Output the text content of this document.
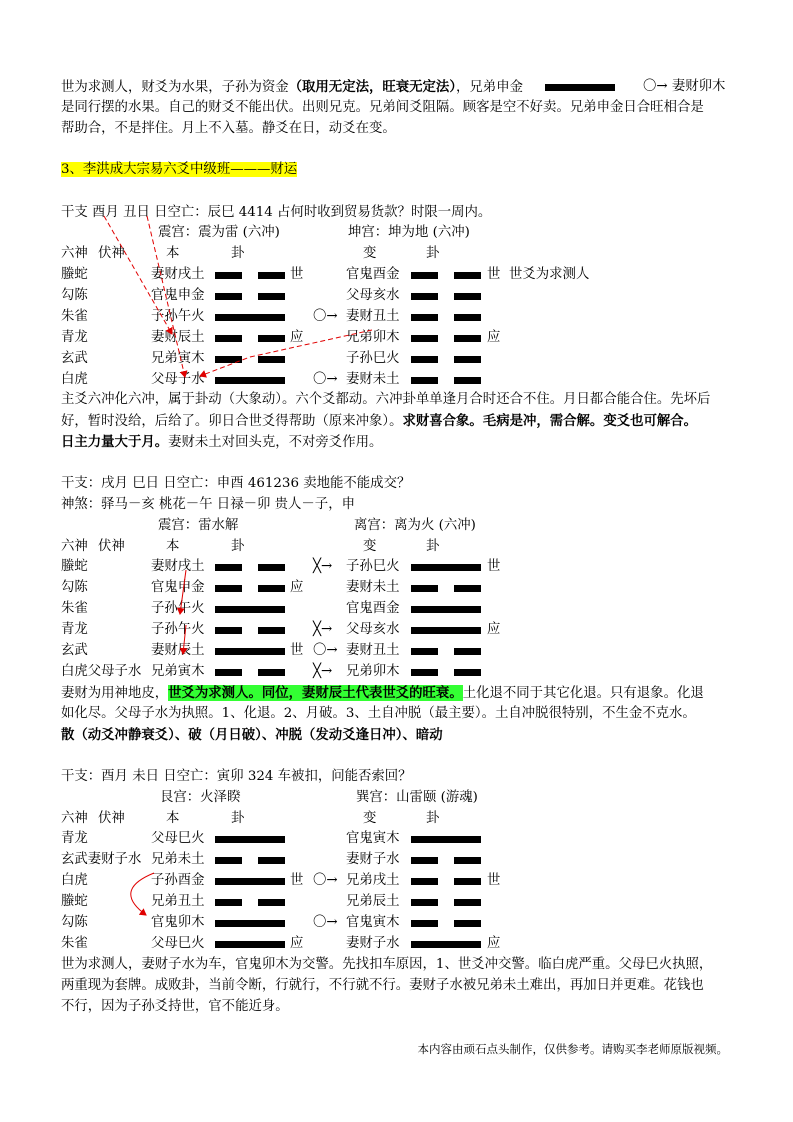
世为求测人，财爻为水果，子孙为资金（取用无定法，旺衰无定法），兄弟申金	〇→ 妻财卯木
是同行摆的水果。自己的财爻不能出伏。出则兄克。兄弟间爻阻隔。顾客是空不好卖。兄弟申金日合旺相合是
帮助合，不是拌住。月上不入墓。静爻在日，动爻在变。
3、李洪成大宗易六爻中级班———财运
干支 酉月 丑日 日空亡：辰巳 4414 占何时收到贸易货款？时限一周内。
震宫：震为雷 (六冲)	坤宫：坤为地 (六冲)
六神 伏神	本	卦	变	卦
螣蛇	妻财戌土	世	官鬼酉金	世 世爻为求测人
勾陈	官鬼申金	父母亥水
朱雀	子孙午火	〇→ 妻财丑土
青龙	妻财辰土	应	兄弟卯木	应
玄武	兄弟寅木	子孙巳火
白虎	父母子水	〇→ 妻财未土
主爻六冲化六冲，属于卦动（大象动）。六个爻都动。六冲卦单单逢月合时还合不住。月日都合能合住。先坏后
好，暂时没给，后给了。卯日合世爻得帮助（原来冲象）。求财喜合象。毛病是冲，需合解。变爻也可解合。
日主力量大于月。妻财未土对回头克，不对旁爻作用。
干支：戌月 巳日 日空亡：申酉 461236 卖地能不能成交？
神煞：驿马－亥 桃花－午 日禄－卯 贵人－子，申
震宫：雷水解	离宫：离为火 (六冲)
六神 伏神	本	卦	变	卦
螣蛇	妻财戌土	╳→ 子孙巳火	世
勾陈	官鬼申金	应	妻财未土
朱雀	子孙午火	官鬼酉金
青龙	子孙午火	╳→ 父母亥水	应
玄武	妻财辰土	世 〇→ 妻财丑土
白虎父母子水 兄弟寅木	╳→ 兄弟卯木
妻财为用神地皮，世爻为求测人。同位，妻财辰土代表世爻的旺衰。土化退不同于其它化退。只有退象。化退
如化尽。父母子水为执照。1、化退。2、月破。3、土自冲脱（最主要）。土自冲脱很特别，不生金不克水。
散（动爻冲静衰爻）、破（月日破）、冲脱（发动爻逢日冲）、暗动
干支：酉月 未日 日空亡：寅卯 324 车被扣，问能否索回？
艮宫：火泽睽	巽宫：山雷颐 (游魂)
六神 伏神	本	卦	变	卦
青龙	父母巳火	官鬼寅木
玄武妻财子水 兄弟未土	妻财子水
白虎	子孙酉金	世 〇→ 兄弟戌土	世
螣蛇	兄弟丑土	兄弟辰土
勾陈	官鬼卯木	〇→ 官鬼寅木
朱雀	父母巳火	应	妻财子水	应
世为求测人，妻财子水为车，官鬼卯木为交警。先找扣车原因，1、世爻冲交警。临白虎严重。父母巳火执照，
两重现为套牌。成败卦，当前令断，行就行，不行就不行。妻财子水被兄弟未土难出，再加日并更难。花钱也
不行，因为子孙爻持世，官不能近身。
本内容由顽石点头制作，仅供参考。请购买李老师原版视频。
